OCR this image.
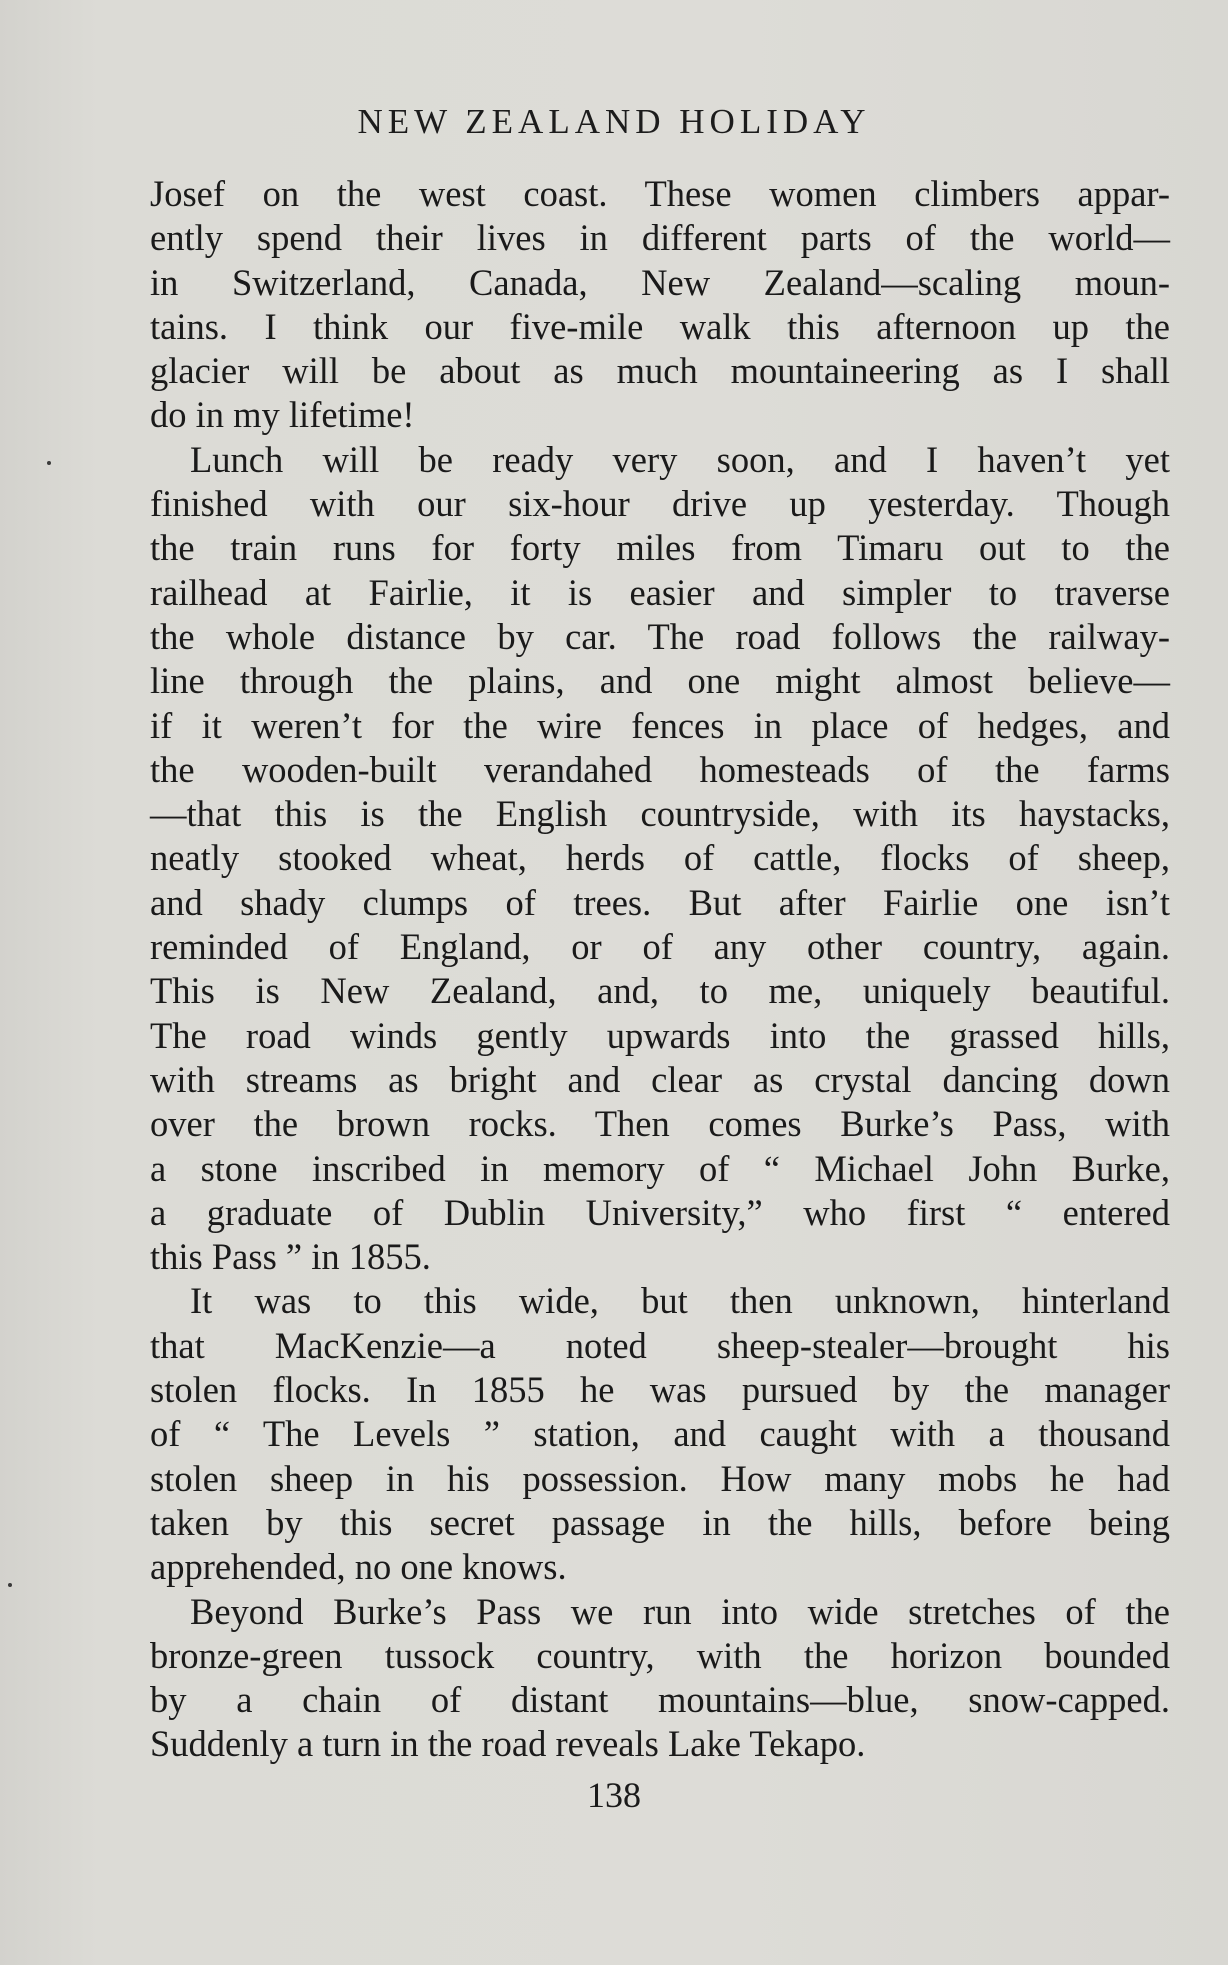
NEW ZEALAND HOLIDAY
Josef on the west coast. These women climbers appar-
ently spend their lives in different parts of the world—
in Switzerland, Canada, New Zealand—scaling moun-
tains. I think our five-mile walk this afternoon up the
glacier will be about as much mountaineering as I shall
do in my lifetime!
Lunch will be ready very soon, and I haven’t yet
finished with our six-hour drive up yesterday. Though
the train runs for forty miles from Timaru out to the
railhead at Fairlie, it is easier and simpler to traverse
the whole distance by car. The road follows the railway-
line through the plains, and one might almost believe—
if it weren’t for the wire fences in place of hedges, and
the wooden-built verandahed homesteads of the farms
—that this is the English countryside, with its haystacks,
neatly stooked wheat, herds of cattle, flocks of sheep,
and shady clumps of trees. But after Fairlie one isn’t
reminded of England, or of any other country, again.
This is New Zealand, and, to me, uniquely beautiful.
The road winds gently upwards into the grassed hills,
with streams as bright and clear as crystal dancing down
over the brown rocks. Then comes Burke’s Pass, with
a stone inscribed in memory of “ Michael John Burke,
a graduate of Dublin University,” who first “ entered
this Pass ” in 1855.
It was to this wide, but then unknown, hinterland
that MacKenzie—a noted sheep-stealer—brought his
stolen flocks. In 1855 he was pursued by the manager
of “ The Levels ” station, and caught with a thousand
stolen sheep in his possession. How many mobs he had
taken by this secret passage in the hills, before being
apprehended, no one knows.
Beyond Burke’s Pass we run into wide stretches of the
bronze-green tussock country, with the horizon bounded
by a chain of distant mountains—blue, snow-capped.
Suddenly a turn in the road reveals Lake Tekapo.
138
